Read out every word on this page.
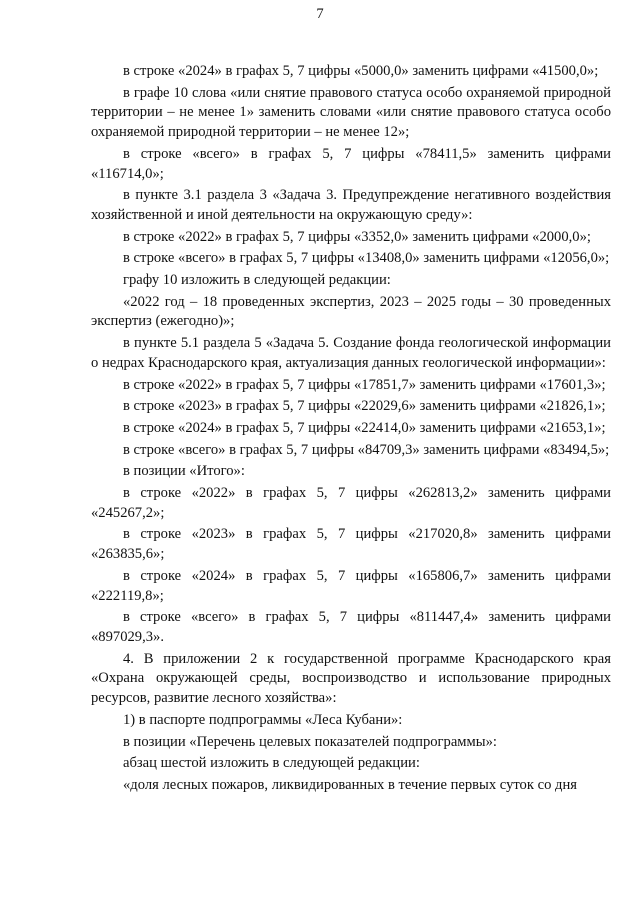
7

в строке «2024» в графах 5, 7 цифры «5000,0» заменить цифрами «41500,0»;

в графе 10 слова «или снятие правового статуса особо охраняемой природной территории – не менее 1» заменить словами «или снятие правового статуса особо охраняемой природной территории – не менее 12»;

в строке «всего» в графах 5, 7 цифры «78411,5» заменить цифрами «116714,0»;

в пункте 3.1 раздела 3 «Задача 3. Предупреждение негативного воздействия хозяйственной и иной деятельности на окружающую среду»:

в строке «2022» в графах 5, 7 цифры «3352,0» заменить цифрами «2000,0»;

в строке «всего» в графах 5, 7 цифры «13408,0» заменить цифрами «12056,0»;

графу 10 изложить в следующей редакции:

«2022 год – 18 проведенных экспертиз, 2023 – 2025 годы – 30 проведенных экспертиз (ежегодно)»;

в пункте 5.1 раздела 5 «Задача 5. Создание фонда геологической информации о недрах Краснодарского края, актуализация данных геологической информации»:

в строке «2022» в графах 5, 7 цифры «17851,7» заменить цифрами «17601,3»;

в строке «2023» в графах 5, 7 цифры «22029,6» заменить цифрами «21826,1»;

в строке «2024» в графах 5, 7 цифры «22414,0» заменить цифрами «21653,1»;

в строке «всего» в графах 5, 7 цифры «84709,3» заменить цифрами «83494,5»;

в позиции «Итого»:

в строке «2022» в графах 5, 7 цифры «262813,2» заменить цифрами «245267,2»;

в строке «2023» в графах 5, 7 цифры «217020,8» заменить цифрами «263835,6»;

в строке «2024» в графах 5, 7 цифры «165806,7» заменить цифрами «222119,8»;

в строке «всего» в графах 5, 7 цифры «811447,4» заменить цифрами «897029,3».

4. В приложении 2 к государственной программе Краснодарского края «Охрана окружающей среды, воспроизводство и использование природных ресурсов, развитие лесного хозяйства»:

1) в паспорте подпрограммы «Леса Кубани»:

в позиции «Перечень целевых показателей подпрограммы»:

абзац шестой изложить в следующей редакции:

«доля лесных пожаров, ликвидированных в течение первых суток со дня
